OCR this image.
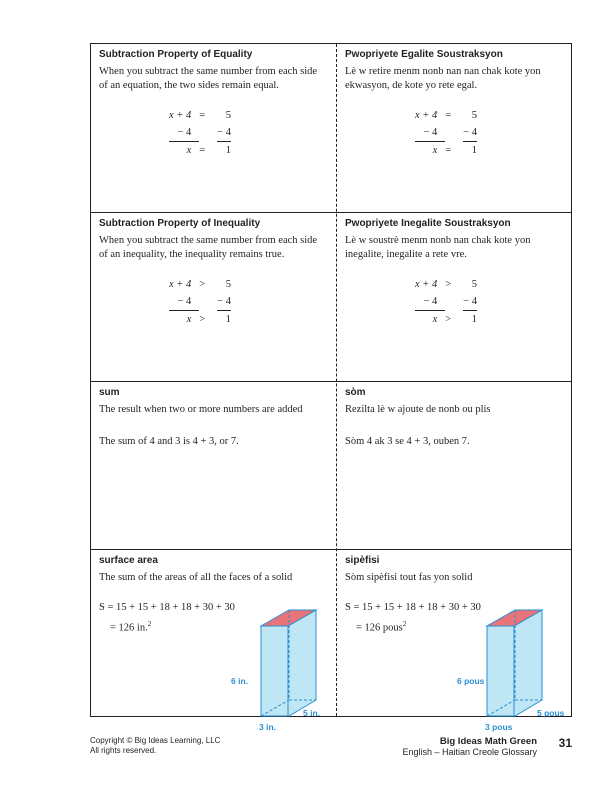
Subtraction Property of Equality

When you subtract the same number from each side of an equation, the two sides remain equal.

x + 4	=	5
− 4		− 4
x	=	1

Pwopriyete Egalite Soustraksyon

Lè w retire menm nonb nan nan chak kote yon ekwasyon, de kote yo rete egal.

x + 4	=	5
− 4		− 4
x	=	1

Subtraction Property of Inequality

When you subtract the same number from each side of an inequality, the inequality remains true.

x + 4	>	5
− 4		− 4
x	>	1

Pwopriyete Inegalite Soustraksyon

Lè w soustrè menm nonb nan chak kote yon inegalite, inegalite a rete vre.

x + 4	>	5
− 4		− 4
x	>	1

sum

The result when two or more numbers are added

The sum of 4 and 3 is 4 + 3, or 7.

sòm

Rezilta lè w ajoute de nonb ou plis

Sòm 4 ak 3 se 4 + 3, ouben 7.

surface area

The sum of the areas of all the faces of a solid

S = 15 + 15 + 18 + 18 + 30 + 30

= 126 in.$^2$

6 in.
5 in.
3 in.

sipèfisi

Sòm sipèfisi tout fas yon solid

S = 15 + 15 + 18 + 18 + 30 + 30

= 126 pous$^2$

6 pous
5 pous
3 pous
Copyright © Big Ideas Learning, LLC
All rights reserved.
Big Ideas Math Green
English – Haitian Creole Glossary
31
